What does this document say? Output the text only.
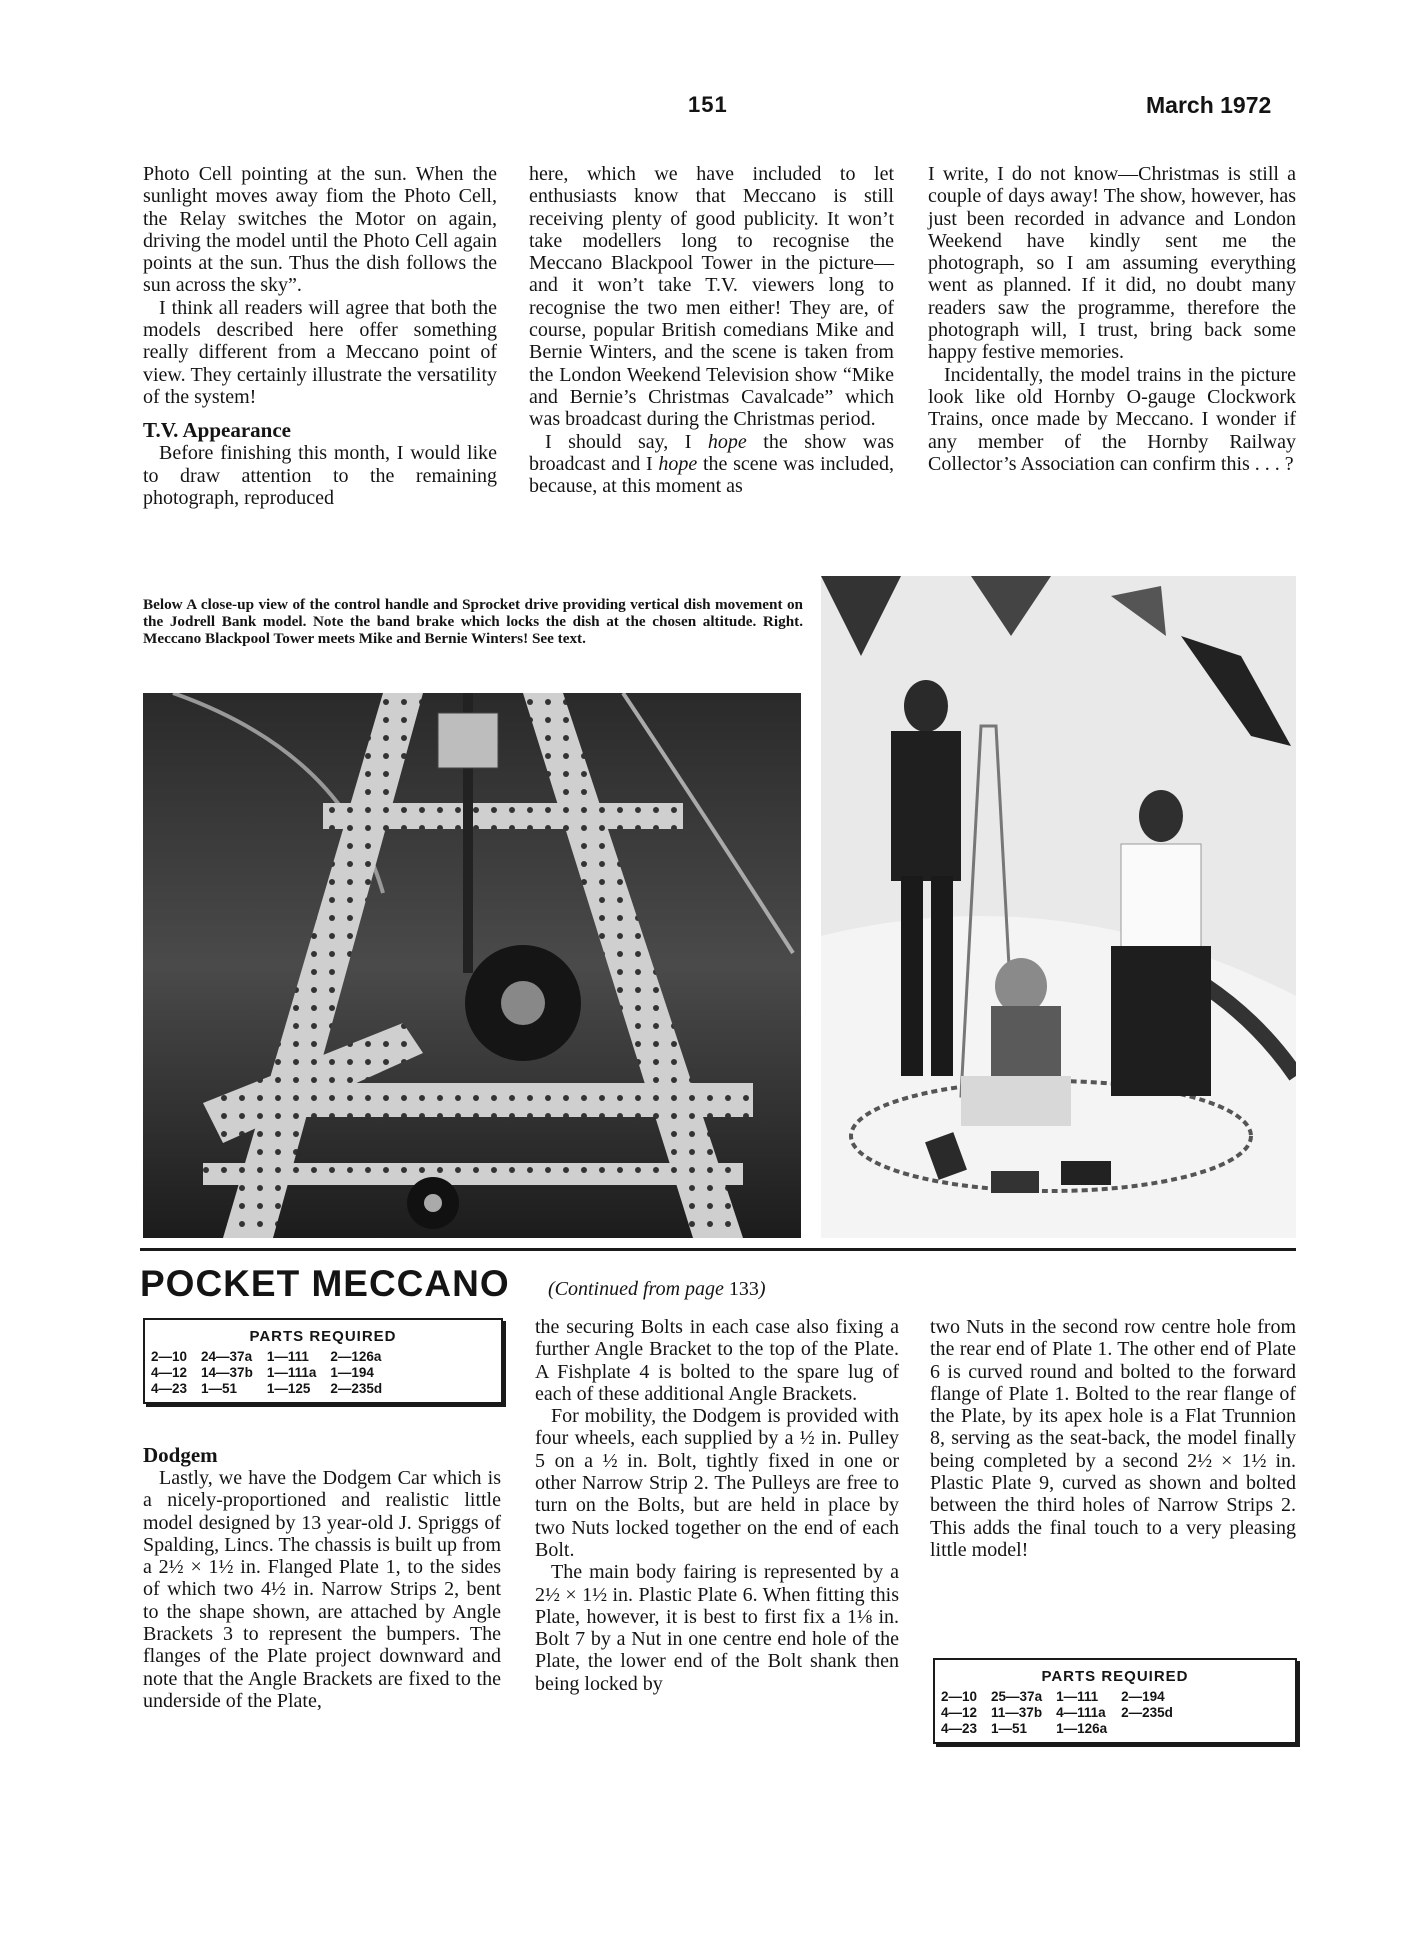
151	March 1972

Photo Cell pointing at the sun. When the sunlight moves away fiom the Photo Cell, the Relay switches the Motor on again, driving the model until the Photo Cell again points at the sun. Thus the dish follows the sun across the sky”.

I think all readers will agree that both the models described here offer something really different from a Meccano point of view. They certainly illustrate the versatility of the system!

T.V. Appearance

Before finishing this month, I would like to draw attention to the remaining photograph, reproduced

here, which we have included to let enthusiasts know that Meccano is still receiving plenty of good publicity. It won’t take modellers long to recognise the Meccano Blackpool Tower in the picture—and it won’t take T.V. viewers long to recognise the two men either! They are, of course, popular British comedians Mike and Bernie Winters, and the scene is taken from the London Weekend Television show “Mike and Bernie’s Christmas Cavalcade” which was broadcast during the Christmas period.

I should say, I hope the show was broadcast and I hope the scene was included, because, at this moment as

I write, I do not know—Christmas is still a couple of days away! The show, however, has just been recorded in advance and London Weekend have kindly sent me the photograph, so I am assuming everything went as planned. If it did, no doubt many readers saw the programme, therefore the photograph will, I trust, bring back some happy festive memories.

Incidentally, the model trains in the picture look like old Hornby O-gauge Clockwork Trains, once made by Meccano. I wonder if any member of the Hornby Railway Collector’s Association can confirm this . . . ?

Below A close-up view of the control handle and Sprocket drive providing vertical dish movement on the Jodrell Bank model. Note the band brake which locks the dish at the chosen altitude. Right. Meccano Blackpool Tower meets Mike and Bernie Winters! See text.
POCKET MECCANO (Continued from page 133)
PARTS REQUIRED
2—10	24—37a	1—111	2—126a
4—12	14—37b	1—111a	1—194
4—23	1—51	1—125	2—235d
Dodgem

Lastly, we have the Dodgem Car which is a nicely-proportioned and realistic little model designed by 13 year-old J. Spriggs of Spalding, Lincs. The chassis is built up from a 2½ × 1½ in. Flanged Plate 1, to the sides of which two 4½ in. Narrow Strips 2, bent to the shape shown, are attached by Angle Brackets 3 to represent the bumpers. The flanges of the Plate project downward and note that the Angle Brackets are fixed to the underside of the Plate,

the securing Bolts in each case also fixing a further Angle Bracket to the top of the Plate. A Fishplate 4 is bolted to the spare lug of each of these additional Angle Brackets.

For mobility, the Dodgem is provided with four wheels, each supplied by a ½ in. Pulley 5 on a ½ in. Bolt, tightly fixed in one or other Narrow Strip 2. The Pulleys are free to turn on the Bolts, but are held in place by two Nuts locked together on the end of each Bolt.

The main body fairing is represented by a 2½ × 1½ in. Plastic Plate 6. When fitting this Plate, however, it is best to first fix a 1⅛ in. Bolt 7 by a Nut in one centre end hole of the Plate, the lower end of the Bolt shank then being locked by

two Nuts in the second row centre hole from the rear end of Plate 1. The other end of Plate 6 is curved round and bolted to the forward flange of Plate 1. Bolted to the rear flange of the Plate, by its apex hole is a Flat Trunnion 8, serving as the seat-back, the model finally being completed by a second 2½ × 1½ in. Plastic Plate 9, curved as shown and bolted between the third holes of Narrow Strips 2. This adds the final touch to a very pleasing little model!

PARTS REQUIRED
2—10	25—37a	1—111	2—194
4—12	11—37b	4—111a	2—235d
4—23	1—51	1—126a	
